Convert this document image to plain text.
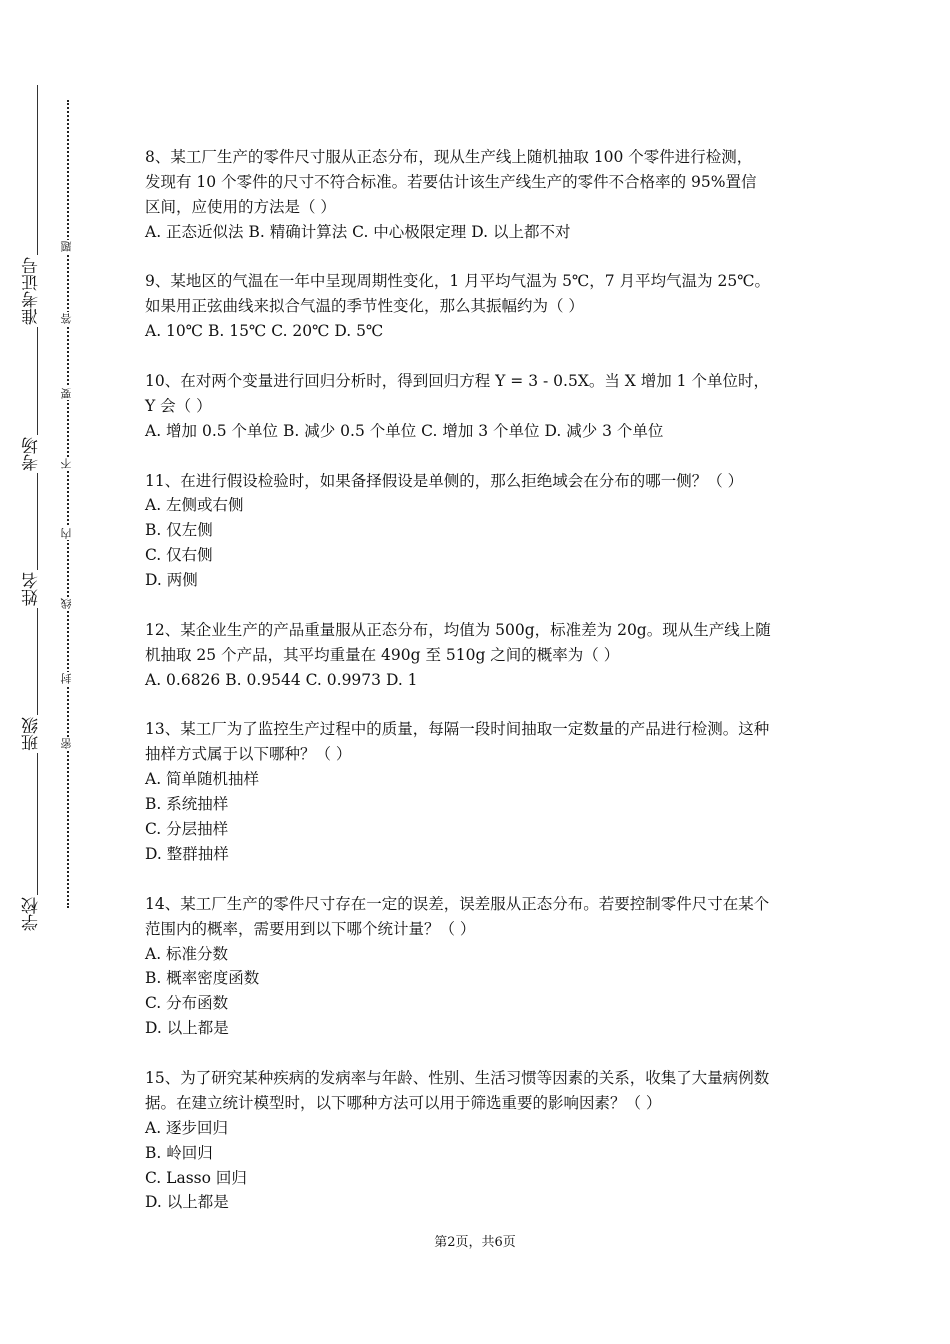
准考证号
考场
姓名
班级
学校
题
答
要
不
内
线
封
密
8、某工厂生产的零件尺寸服从正态分布，现从生产线上随机抽取 100 个零件进行检测，
发现有 10 个零件的尺寸不符合标准。若要估计该生产线生产的零件不合格率的 95%置信
区间，应使用的方法是（ ）
A. 正态近似法 B. 精确计算法 C. 中心极限定理 D. 以上都不对
9、某地区的气温在一年中呈现周期性变化，1 月平均气温为 5℃，7 月平均气温为 25℃。
如果用正弦曲线来拟合气温的季节性变化，那么其振幅约为（ ）
A. 10℃ B. 15℃ C. 20℃ D. 5℃
10、在对两个变量进行回归分析时，得到回归方程 Y = 3 - 0.5X。当 X 增加 1 个单位时，
Y 会（ ）
A. 增加 0.5 个单位 B. 减少 0.5 个单位 C. 增加 3 个单位 D. 减少 3 个单位
11、在进行假设检验时，如果备择假设是单侧的，那么拒绝域会在分布的哪一侧？（ ）
A. 左侧或右侧
B. 仅左侧
C. 仅右侧
D. 两侧
12、某企业生产的产品重量服从正态分布，均值为 500g，标准差为 20g。现从生产线上随
机抽取 25 个产品，其平均重量在 490g 至 510g 之间的概率为（ ）
A. 0.6826 B. 0.9544 C. 0.9973 D. 1
13、某工厂为了监控生产过程中的质量，每隔一段时间抽取一定数量的产品进行检测。这种
抽样方式属于以下哪种？（ ）
A. 简单随机抽样
B. 系统抽样
C. 分层抽样
D. 整群抽样
14、某工厂生产的零件尺寸存在一定的误差，误差服从正态分布。若要控制零件尺寸在某个
范围内的概率，需要用到以下哪个统计量？（ ）
A. 标准分数
B. 概率密度函数
C. 分布函数
D. 以上都是
15、为了研究某种疾病的发病率与年龄、性别、生活习惯等因素的关系，收集了大量病例数
据。在建立统计模型时，以下哪种方法可以用于筛选重要的影响因素？（ ）
A. 逐步回归
B. 岭回归
C. Lasso 回归
D. 以上都是
第2页，共6页
